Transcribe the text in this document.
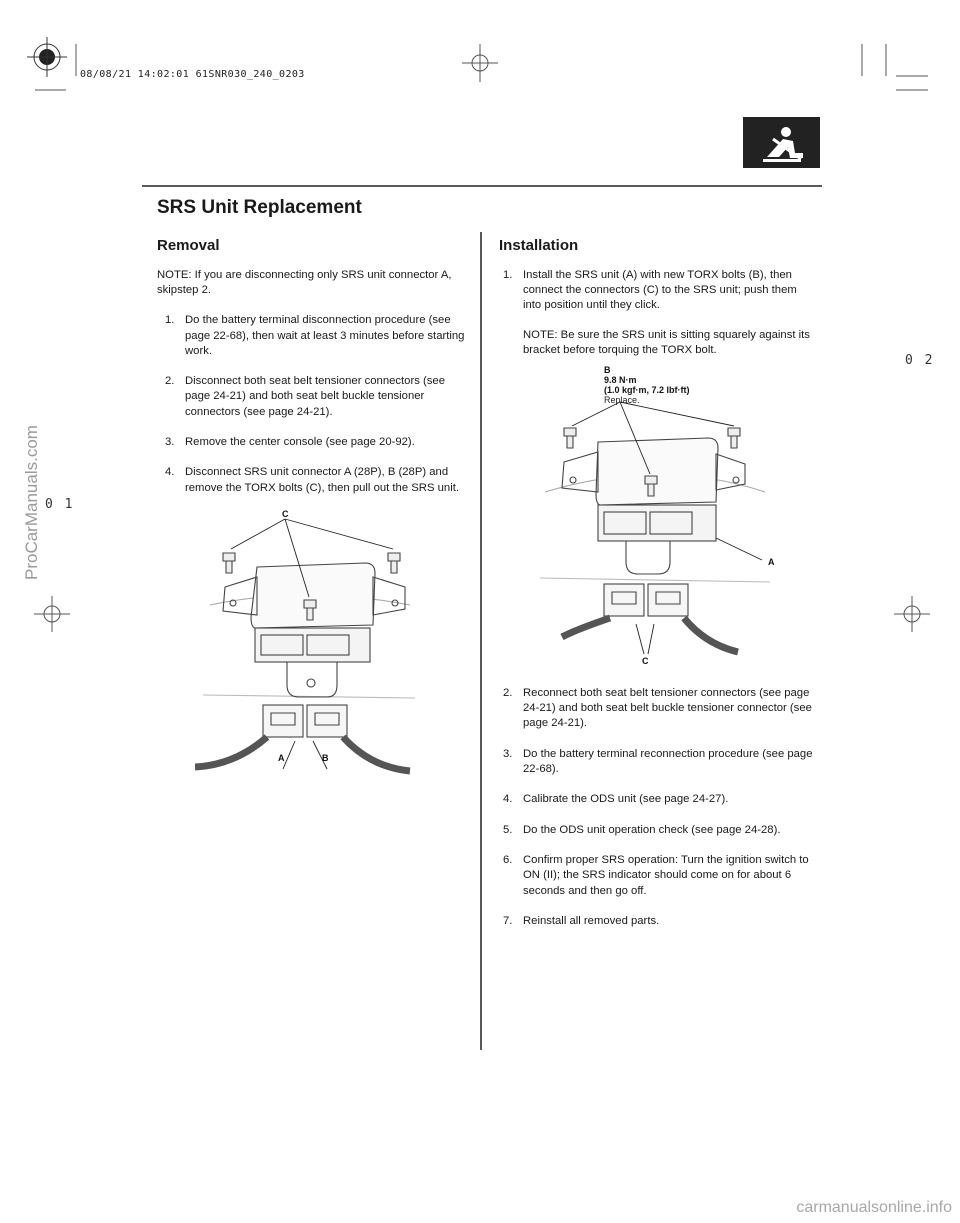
08/08/21 14:02:01 61SNR030_240_0203
SRS Unit Replacement
0 1
0 2
ProCarManuals.com
carmanualsonline.info
Removal

NOTE: If you are disconnecting only SRS unit connector A, skipstep 2.

1. Do the battery terminal disconnection procedure (see page 22-68), then wait at least 3 minutes before starting work.
2. Disconnect both seat belt tensioner connectors (see page 24-21) and both seat belt buckle tensioner connectors (see page 24-21).
3. Remove the center console (see page 20-92).
4. Disconnect SRS unit connector A (28P), B (28P) and remove the TORX bolts (C), then pull out the SRS unit.
C
A	B
Installation
1. Install the SRS unit (A) with new TORX bolts (B), then connect the connectors (C) to the SRS unit; push them into position until they click.

NOTE: Be sure the SRS unit is sitting squarely against its bracket before torquing the TORX bolt.

B
9.8 N·m
(1.0 kgf·m, 7.2 lbf·ft)
Replace.
A
C
2. Reconnect both seat belt tensioner connectors (see page 24-21) and both seat belt buckle tensioner connector (see page 24-21).
3. Do the battery terminal reconnection procedure (see page 22-68).
4. Calibrate the ODS unit (see page 24-27).
5. Do the ODS unit operation check (see page 24-28).
6. Confirm proper SRS operation: Turn the ignition switch to ON (II); the SRS indicator should come on for about 6 seconds and then go off.
7. Reinstall all removed parts.
